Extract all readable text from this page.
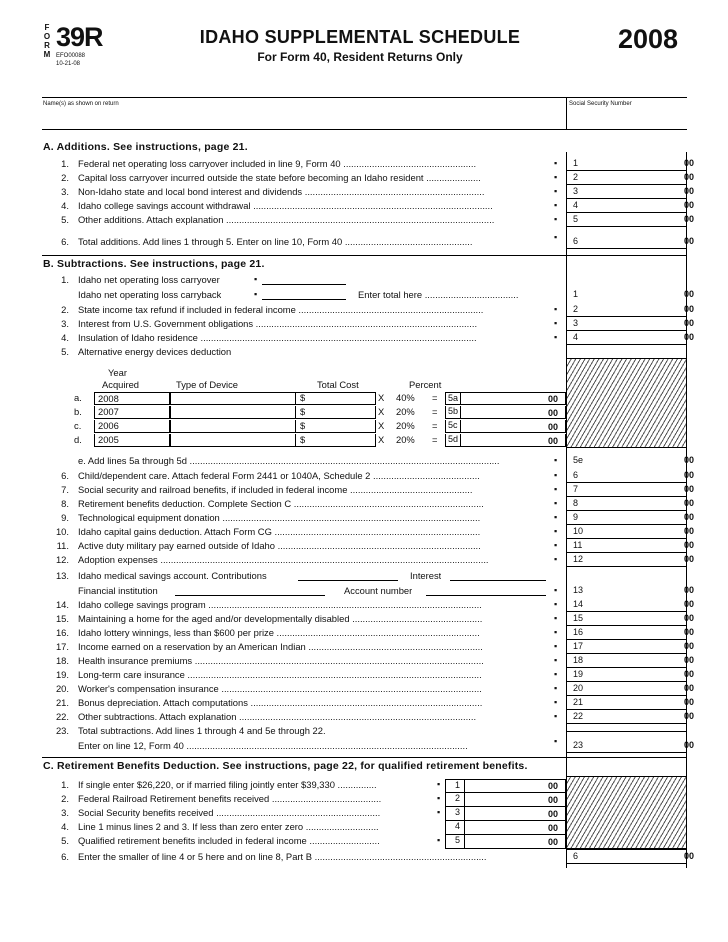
F
O
R
M
39R
EFO00088
10-21-08
IDAHO SUPPLEMENTAL SCHEDULE
For Form 40, Resident Returns Only
2008
Name(s) as shown on return	Social Security Number
A. Additions. See instructions, page 21.
1. Federal net operating loss carryover included in line 9, Form 40 ...................................................	▪ 1	00
2. Capital loss carryover incurred outside the state before becoming an Idaho resident .....................	▪ 2	00
3. Non-Idaho state and local bond interest and dividends .....................................................................	▪ 3	00
4. Idaho college savings account withdrawal ............................................................................................	▪ 4	00
5. Other additions. Attach explanation .......................................................................................................	▪ 5	00
6. Total additions. Add lines 1 through 5. Enter on line 10, Form 40 .................................................	▪ 6	00
B. Subtractions. See instructions, page 21.
1. Idaho net operating loss carryover	▪
Idaho net operating loss carryback	▪	Enter total here ....................................	1	00
2. State income tax refund if included in federal income .......................................................................	▪ 2	00
3. Interest from U.S. Government obligations .....................................................................................	▪ 3	00
4. Insulation of Idaho residence ..........................................................................................................	▪ 4	00
5. Alternative energy devices deduction
Year
Acquired	Type of Device	Total Cost	Percent
a.	2008	$	X 40% =	5a	00
b.	2007	$	X 20% =	5b	00
c.	2006	$	X 20% =	5c	00
d.	2005	$	X 20% =	5d	00
e. Add lines 5a through 5d .......................................................................................................................	▪ 5e	00
6. Child/dependent care. Attach federal Form 2441 or 1040A, Schedule 2 .........................................	▪ 6	00
7. Social security and railroad benefits, if included in federal income ...............................................	▪ 7	00
8. Retirement benefits deduction. Complete Section C .........................................................................	▪ 8	00
9. Technological equipment donation ...................................................................................................	▪ 9	00
10. Idaho capital gains deduction. Attach Form CG ...............................................................................	▪ 10	00
11. Active duty military pay earned outside of Idaho ..............................................................................	▪ 11	00
12. Adoption expenses ..............................................................................................................................	▪ 12	00
13. Idaho medical savings account. Contributions	Interest
Financial institution	Account number	▪ 13	00
14. Idaho college savings program .........................................................................................................	▪ 14	00
15. Maintaining a home for the aged and/or developmentally disabled ..................................................	▪ 15	00
16. Idaho lottery winnings, less than $600 per prize ..............................................................................	▪ 16	00
17. Income earned on a reservation by an American Indian ...................................................................	▪ 17	00
18. Health insurance premiums ...............................................................................................................	▪ 18	00
19. Long-term care insurance .................................................................................................................	▪ 19	00
20. Worker's compensation insurance ....................................................................................................	▪ 20	00
21. Bonus depreciation. Attach computations .........................................................................................	▪ 21	00
22. Other subtractions. Attach explanation ...........................................................................................	▪ 22	00
23. Total subtractions. Add lines 1 through 4 and 5e through 22.
Enter on line 12, Form 40 ............................................................................................................	▪ 23	00
C. Retirement Benefits Deduction. See instructions, page 22, for qualified retirement benefits.
1. If single enter $26,220, or if married filing jointly enter $39,330 ...............	▪	1	00
2. Federal Railroad Retirement benefits received ..........................................	▪	2	00
3. Social Security benefits received ...............................................................	▪	3	00
4. Line 1 minus lines 2 and 3. If less than zero enter zero ............................	4	00
5. Qualified retirement benefits included in federal income ...........................	▪	5	00
6. Enter the smaller of line 4 or 5 here and on line 8, Part B ..................................................................	6	00
